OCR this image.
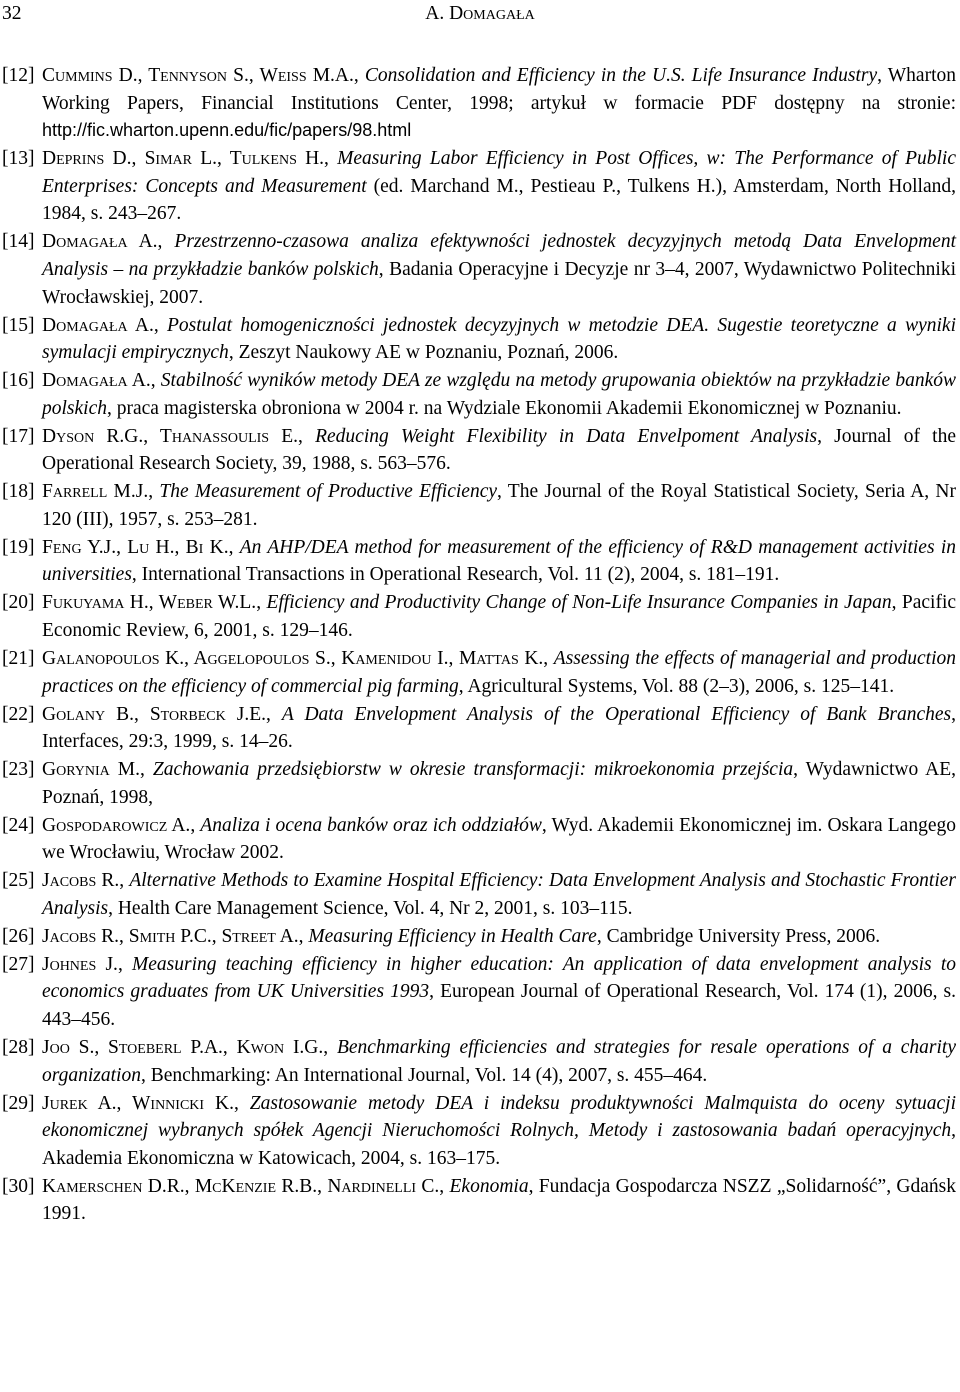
32	A. Domagała
[12] Cummins D., Tennyson S., Weiss M.A., Consolidation and Efficiency in the U.S. Life Insurance Industry, Wharton Working Papers, Financial Institutions Center, 1998; artykuł w formacie PDF dostępny na stronie: http://fic.wharton.upenn.edu/fic/papers/98.html
[13] Deprins D., Simar L., Tulkens H., Measuring Labor Efficiency in Post Offices, w: The Performance of Public Enterprises: Concepts and Measurement (ed. Marchand M., Pestieau P., Tulkens H.), Amsterdam, North Holland, 1984, s. 243–267.
[14] Domagała A., Przestrzenno-czasowa analiza efektywności jednostek decyzyjnych metodą Data Envelopment Analysis – na przykładzie banków polskich, Badania Operacyjne i Decyzje nr 3–4, 2007, Wydawnictwo Politechniki Wrocławskiej, 2007.
[15] Domagała A., Postulat homogeniczności jednostek decyzyjnych w metodzie DEA. Sugestie teoretyczne a wyniki symulacji empirycznych, Zeszyt Naukowy AE w Poznaniu, Poznań, 2006.
[16] Domagała A., Stabilność wyników metody DEA ze względu na metody grupowania obiektów na przykładzie banków polskich, praca magisterska obroniona w 2004 r. na Wydziale Ekonomii Akademii Ekonomicznej w Poznaniu.
[17] Dyson R.G., Thanassoulis E., Reducing Weight Flexibility in Data Envelpoment Analysis, Journal of the Operational Research Society, 39, 1988, s. 563–576.
[18] Farrell M.J., The Measurement of Productive Efficiency, The Journal of the Royal Statistical Society, Seria A, Nr 120 (III), 1957, s. 253–281.
[19] Feng Y.J., Lu H., Bi K., An AHP/DEA method for measurement of the efficiency of R&D management activities in universities, International Transactions in Operational Research, Vol. 11 (2), 2004, s. 181–191.
[20] Fukuyama H., Weber W.L., Efficiency and Productivity Change of Non-Life Insurance Companies in Japan, Pacific Economic Review, 6, 2001, s. 129–146.
[21] Galanopoulos K., Aggelopoulos S., Kamenidou I., Mattas K., Assessing the effects of managerial and production practices on the efficiency of commercial pig farming, Agricultural Systems, Vol. 88 (2–3), 2006, s. 125–141.
[22] Golany B., Storbeck J.E., A Data Envelopment Analysis of the Operational Efficiency of Bank Branches, Interfaces, 29:3, 1999, s. 14–26.
[23] Gorynia M., Zachowania przedsiębiorstw w okresie transformacji: mikroekonomia przejścia, Wydawnictwo AE, Poznań, 1998,
[24] Gospodarowicz A., Analiza i ocena banków oraz ich oddziałów, Wyd. Akademii Ekonomicznej im. Oskara Langego we Wrocławiu, Wrocław 2002.
[25] Jacobs R., Alternative Methods to Examine Hospital Efficiency: Data Envelopment Analysis and Stochastic Frontier Analysis, Health Care Management Science, Vol. 4, Nr 2, 2001, s. 103–115.
[26] Jacobs R., Smith P.C., Street A., Measuring Efficiency in Health Care, Cambridge University Press, 2006.
[27] Johnes J., Measuring teaching efficiency in higher education: An application of data envelopment analysis to economics graduates from UK Universities 1993, European Journal of Operational Research, Vol. 174 (1), 2006, s. 443–456.
[28] Joo S., Stoeberl P.A., Kwon I.G., Benchmarking efficiencies and strategies for resale operations of a charity organization, Benchmarking: An International Journal, Vol. 14 (4), 2007, s. 455–464.
[29] Jurek A., Winnicki K., Zastosowanie metody DEA i indeksu produktywności Malmquista do oceny sytuacji ekonomicznej wybranych spółek Agencji Nieruchomości Rolnych, Metody i zastosowania badań operacyjnych, Akademia Ekonomiczna w Katowicach, 2004, s. 163–175.
[30] Kamerschen D.R., McKenzie R.B., Nardinelli C., Ekonomia, Fundacja Gospodarcza NSZZ „Solidarność”, Gdańsk 1991.
